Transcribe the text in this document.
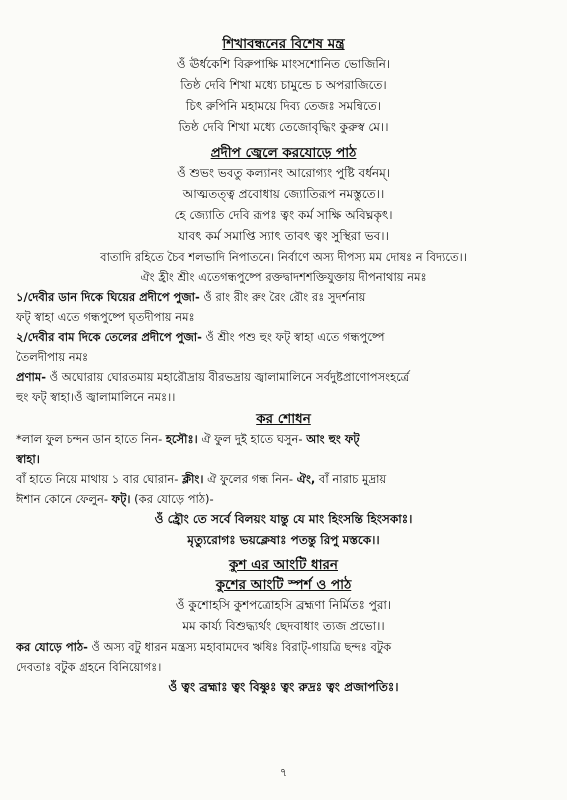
শিখাবন্ধনের বিশেষ মন্ত্র
ওঁ ঊর্ধকেশি বিরুপাক্ষি মাংসশোনিত ভোজিনি।
তিষ্ঠ দেবি শিখা মধ্যে চামুন্ডে চ অপরাজিতে।
চিৎ রুপিনি মহাময়ে দিব্য তেজঃ সমন্বিতে।
তিষ্ঠ দেবি শিখা মধ্যে তেজোবৃদ্ধিং কুরুস্ব মে।।
প্রদীপ জ্বেলে করযোড়ে পাঠ
ওঁ শুভং ভবতু কল্যানং আরোগ্যং পুষ্টি বর্ধনম্।
আত্মতত্ত্ব প্রবোধায় জ্যোতিরূপ নমস্তুতে।।
হে জ্যোতি দেবি রূপঃ ত্বং কর্ম সাক্ষি অবিঘ্নকৃৎ।
যাবৎ কর্ম সমাপ্তি স্যাৎ তাবৎ ত্বং সুস্থিরা ভব।।
বাতাদি রহিতে চৈব শলভাদি নিপাতনে। নির্বাণে অস্য দীপস্য মম দোষঃ ন বিদ্যতে।।
ঐং হ্রীং শ্রীং এতেগন্ধপুষ্পে রক্তদ্বাদশশক্তিযুক্তায় দীপনাথায় নমঃ
১/দেবীর ডান দিকে ঘিয়ের প্রদীপে পুজা- ওঁ রাং রীং রুং রৈং রৌং রঃ সুদর্শনায়
ফট্‌ স্বাহা এতে গন্ধপুষ্পে ঘৃতদীপায় নমঃ
২/দেবীর বাম দিকে তেলের প্রদীপে পুজা- ওঁ শ্রীং পশু হুং ফট্‌ স্বাহা এতে গন্ধপুষ্পে
তৈলদীপায় নমঃ
প্রণাম- ওঁ অঘোরায় ঘোরতমায় মহারৌদ্রায় বীরভদ্রায় জ্বালামালিনে সর্বদুষ্টপ্রাণোপসংহর্ত্রে
হুং ফট্‌ স্বাহা।ওঁ জ্বালামালিনে নমঃ।।
কর শোধন
*লাল ফুল চন্দন ডান হাতে নিন- হসৌঃ। ঐ ফুল দুই হাতে ঘসুন- আং হুং ফট্‌
স্বাহা।
বাঁ হাতে নিয়ে মাথায় ১ বার ঘোরান- ক্লীং। ঐ ফুলের গন্ধ নিন- ঐং, বাঁ নারাচ মুদ্রায়
ঈশান কোনে ফেলুন- ফট্‌। (কর যোড়ে পাঠ)-
ওঁ হ্রৌং তে সর্বে বিলয়ং যান্তু যে মাং হিংসন্তি হিংসকাঃ।
মৃত্যুরোগঃ ভয়ক্লেষাঃ পতন্তু রিপু মস্তকে।।
কুশ এর আংটি ধারন
কুশের আংটি স্পর্শ ও পাঠ
ওঁ কুশোহসি কুশপত্রোহসি ব্রহ্মণা নির্মিতঃ পুরা।
মম কার্য্য বিশুদ্ধ্যর্থং ছেদবাধাং ত্যজ প্রভো।।
কর যোড়ে পাঠ- ওঁ অস্য বটু ধারন মন্ত্রস্য মহাবামদেব ঋষিঃ বিরাট্‌-গায়ত্রি ছন্দঃ বটুক
দেবতাঃ বটুক গ্রহনে বিনিয়োগঃ।
ওঁ ত্বং ব্রহ্মাঃ ত্বং বিষ্ণুঃ ত্বং রুদ্রঃ ত্বং প্রজাপতিঃ।
৭
